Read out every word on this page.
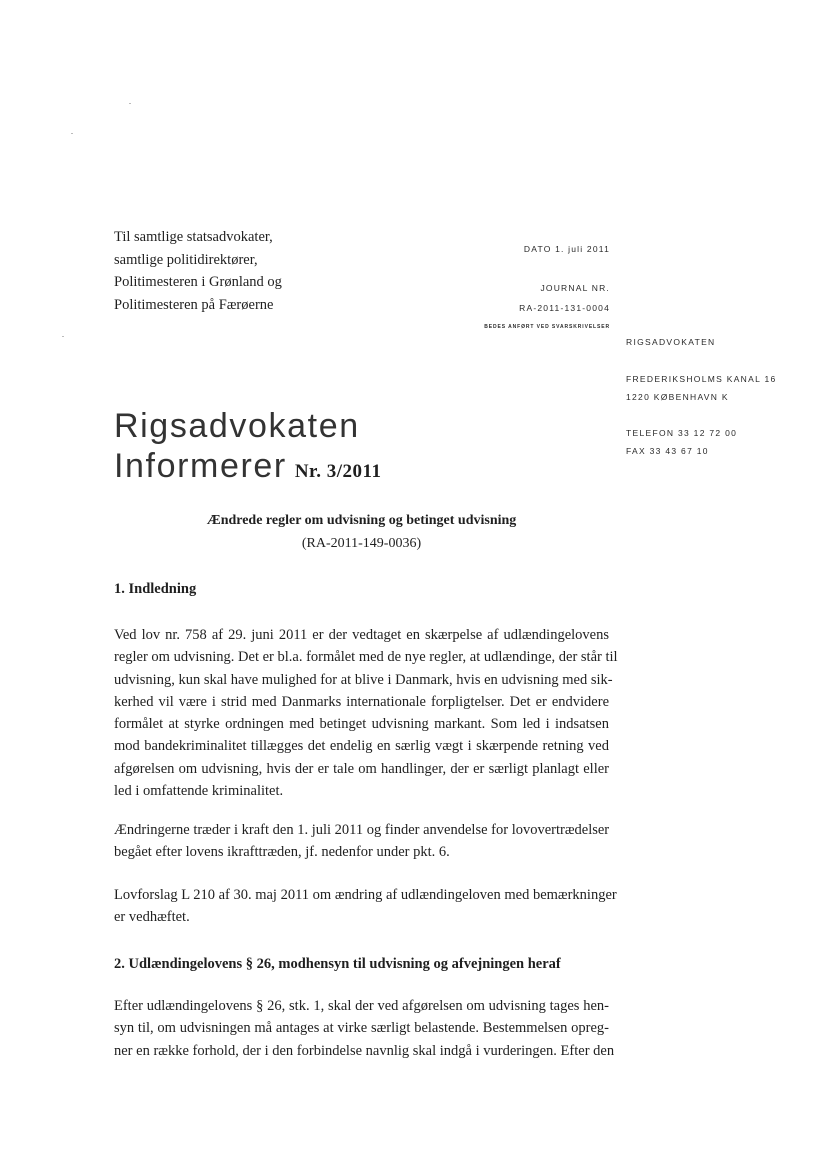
Til samtlige statsadvokater,
samtlige politidirektører,
Politimesteren i Grønland og
Politimesteren på Færøerne
DATO 1. juli 2011
JOURNAL NR.
RA-2011-131-0004
BEDES ANFØRT VED SVARSKRIVELSER
RIGSADVOKATEN
FREDERIKSHOLMS KANAL 16
1220 KØBENHAVN K
TELEFON 33 12 72 00
FAX 33 43 67 10
Rigsadvokaten
Informerer Nr. 3/2011
Ændrede regler om udvisning og betinget udvisning
(RA-2011-149-0036)
1. Indledning
Ved lov nr. 758 af 29. juni 2011 er der vedtaget en skærpelse af udlændingelovens
regler om udvisning. Det er bl.a. formålet med de nye regler, at udlændinge, der står til
udvisning, kun skal have mulighed for at blive i Danmark, hvis en udvisning med sik-
kerhed vil være i strid med Danmarks internationale forpligtelser. Det er endvidere
formålet at styrke ordningen med betinget udvisning markant. Som led i indsatsen
mod bandekriminalitet tillægges det endelig en særlig vægt i skærpende retning ved
afgørelsen om udvisning, hvis der er tale om handlinger, der er særligt planlagt eller
led i omfattende kriminalitet.
Ændringerne træder i kraft den 1. juli 2011 og finder anvendelse for lovovertrædelser
begået efter lovens ikrafttræden, jf. nedenfor under pkt. 6.
Lovforslag L 210 af 30. maj 2011 om ændring af udlændingeloven med bemærkninger
er vedhæftet.
2. Udlændingelovens § 26, modhensyn til udvisning og afvejningen heraf
Efter udlændingelovens § 26, stk. 1, skal der ved afgørelsen om udvisning tages hen-
syn til, om udvisningen må antages at virke særligt belastende. Bestemmelsen opreg-
ner en række forhold, der i den forbindelse navnlig skal indgå i vurderingen. Efter den
